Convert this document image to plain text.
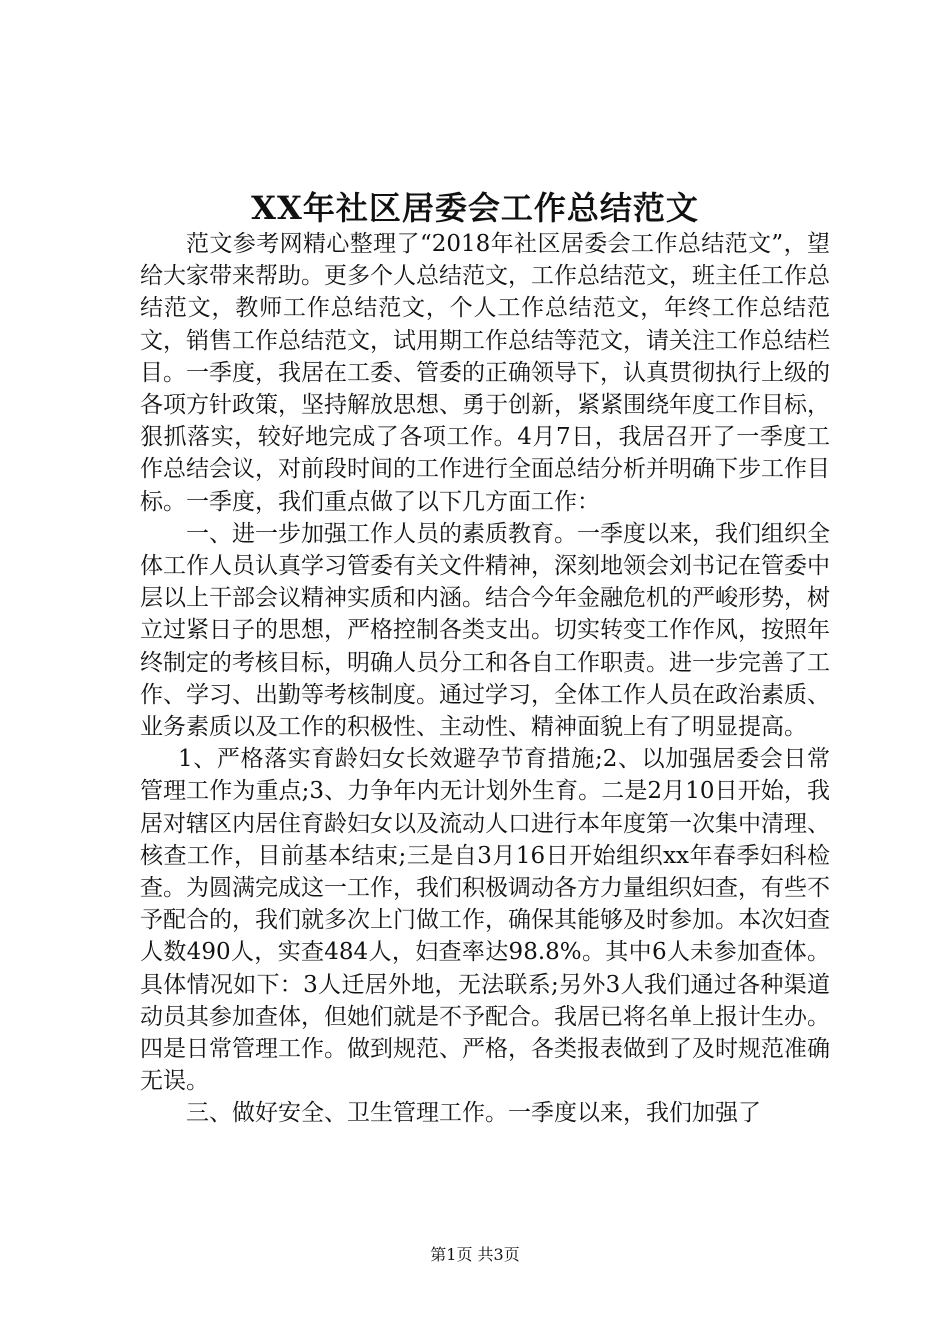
XX年社区居委会工作总结范文

范文参考网精心整理了“2018年社区居委会工作总结范文”，望给大家带来帮助。更多个人总结范文，工作总结范文，班主任工作总结范文，教师工作总结范文，个人工作总结范文，年终工作总结范文，销售工作总结范文，试用期工作总结等范文，请关注工作总结栏目。一季度，我居在工委、管委的正确领导下，认真贯彻执行上级的各项方针政策，坚持解放思想、勇于创新，紧紧围绕年度工作目标，狠抓落实，较好地完成了各项工作。4月7日，我居召开了一季度工作总结会议，对前段时间的工作进行全面总结分析并明确下步工作目标。一季度，我们重点做了以下几方面工作：

一、进一步加强工作人员的素质教育。一季度以来，我们组织全体工作人员认真学习管委有关文件精神，深刻地领会刘书记在管委中层以上干部会议精神实质和内涵。结合今年金融危机的严峻形势，树立过紧日子的思想，严格控制各类支出。切实转变工作作风，按照年终制定的考核目标，明确人员分工和各自工作职责。进一步完善了工作、学习、出勤等考核制度。通过学习，全体工作人员在政治素质、业务素质以及工作的积极性、主动性、精神面貌上有了明显提高。

1、严格落实育龄妇女长效避孕节育措施;2、以加强居委会日常管理工作为重点;3、力争年内无计划外生育。二是2月10日开始，我居对辖区内居住育龄妇女以及流动人口进行本年度第一次集中清理、核查工作，目前基本结束;三是自3月16日开始组织xx年春季妇科检查。为圆满完成这一工作，我们积极调动各方力量组织妇查，有些不予配合的，我们就多次上门做工作，确保其能够及时参加。本次妇查人数490人，实查484人，妇查率达98.8%。其中6人未参加查体。具体情况如下：3人迁居外地，无法联系;另外3人我们通过各种渠道动员其参加查体，但她们就是不予配合。我居已将名单上报计生办。四是日常管理工作。做到规范、严格，各类报表做到了及时规范准确无误。

三、做好安全、卫生管理工作。一季度以来，我们加强了

第1页 共3页
